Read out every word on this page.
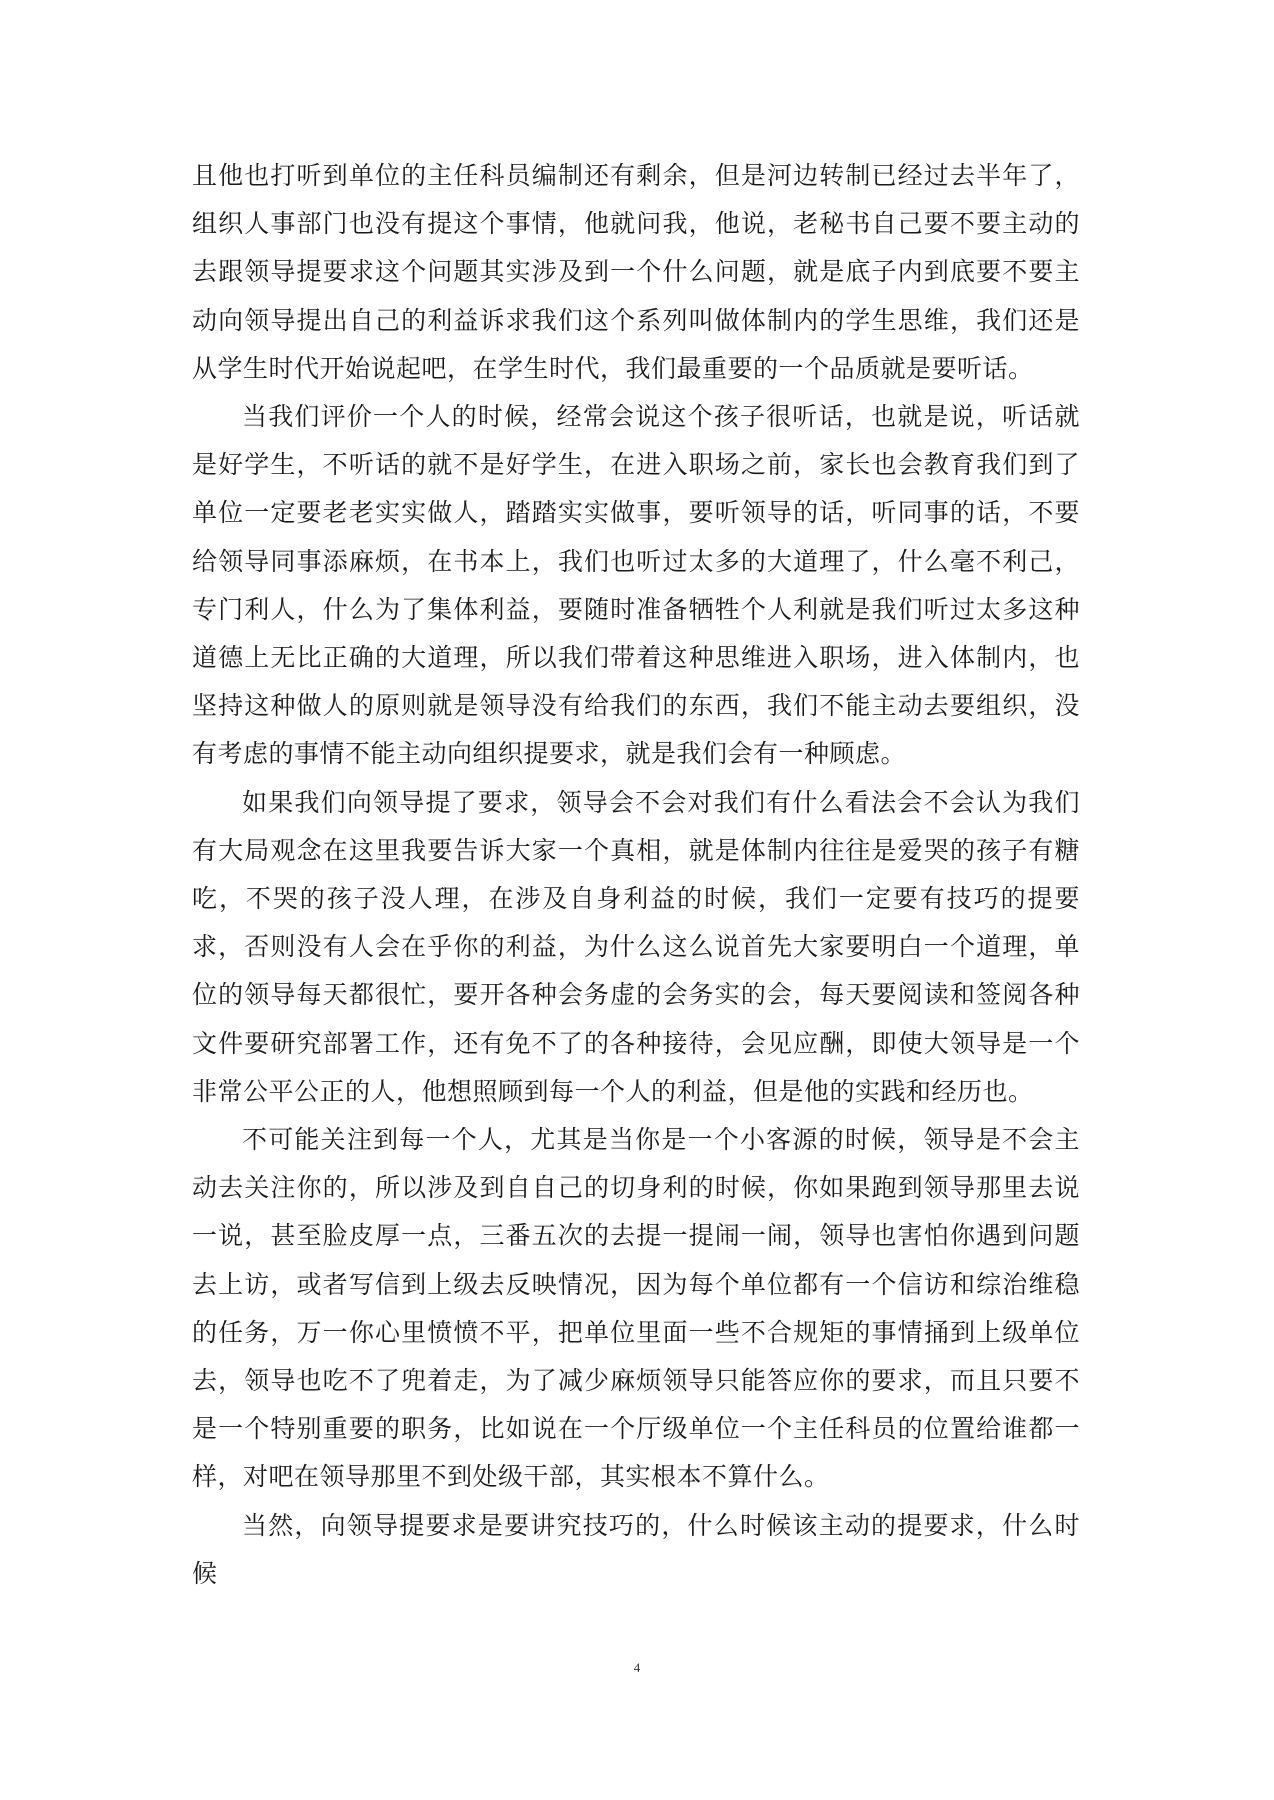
且他也打听到单位的主任科员编制还有剩余，但是河边转制已经过去半年了，组织人事部门也没有提这个事情，他就问我，他说，老秘书自己要不要主动的去跟领导提要求这个问题其实涉及到一个什么问题，就是底子内到底要不要主动向领导提出自己的利益诉求我们这个系列叫做体制内的学生思维，我们还是从学生时代开始说起吧，在学生时代，我们最重要的一个品质就是要听话。

当我们评价一个人的时候，经常会说这个孩子很听话，也就是说，听话就是好学生，不听话的就不是好学生，在进入职场之前，家长也会教育我们到了单位一定要老老实实做人，踏踏实实做事，要听领导的话，听同事的话，不要给领导同事添麻烦，在书本上，我们也听过太多的大道理了，什么毫不利己，专门利人，什么为了集体利益，要随时准备牺牲个人利就是我们听过太多这种道德上无比正确的大道理，所以我们带着这种思维进入职场，进入体制内，也坚持这种做人的原则就是领导没有给我们的东西，我们不能主动去要组织，没有考虑的事情不能主动向组织提要求，就是我们会有一种顾虑。

如果我们向领导提了要求，领导会不会对我们有什么看法会不会认为我们有大局观念在这里我要告诉大家一个真相，就是体制内往往是爱哭的孩子有糖吃，不哭的孩子没人理，在涉及自身利益的时候，我们一定要有技巧的提要求，否则没有人会在乎你的利益，为什么这么说首先大家要明白一个道理，单位的领导每天都很忙，要开各种会务虚的会务实的会，每天要阅读和签阅各种文件要研究部署工作，还有免不了的各种接待，会见应酬，即使大领导是一个非常公平公正的人，他想照顾到每一个人的利益，但是他的实践和经历也。

不可能关注到每一个人，尤其是当你是一个小客源的时候，领导是不会主动去关注你的，所以涉及到自自己的切身利的时候，你如果跑到领导那里去说一说，甚至脸皮厚一点，三番五次的去提一提闹一闹，领导也害怕你遇到问题去上访，或者写信到上级去反映情况，因为每个单位都有一个信访和综治维稳的任务，万一你心里愤愤不平，把单位里面一些不合规矩的事情捅到上级单位去，领导也吃不了兜着走，为了减少麻烦领导只能答应你的要求，而且只要不是一个特别重要的职务，比如说在一个厅级单位一个主任科员的位置给谁都一样，对吧在领导那里不到处级干部，其实根本不算什么。

当然，向领导提要求是要讲究技巧的，什么时候该主动的提要求，什么时候

4
